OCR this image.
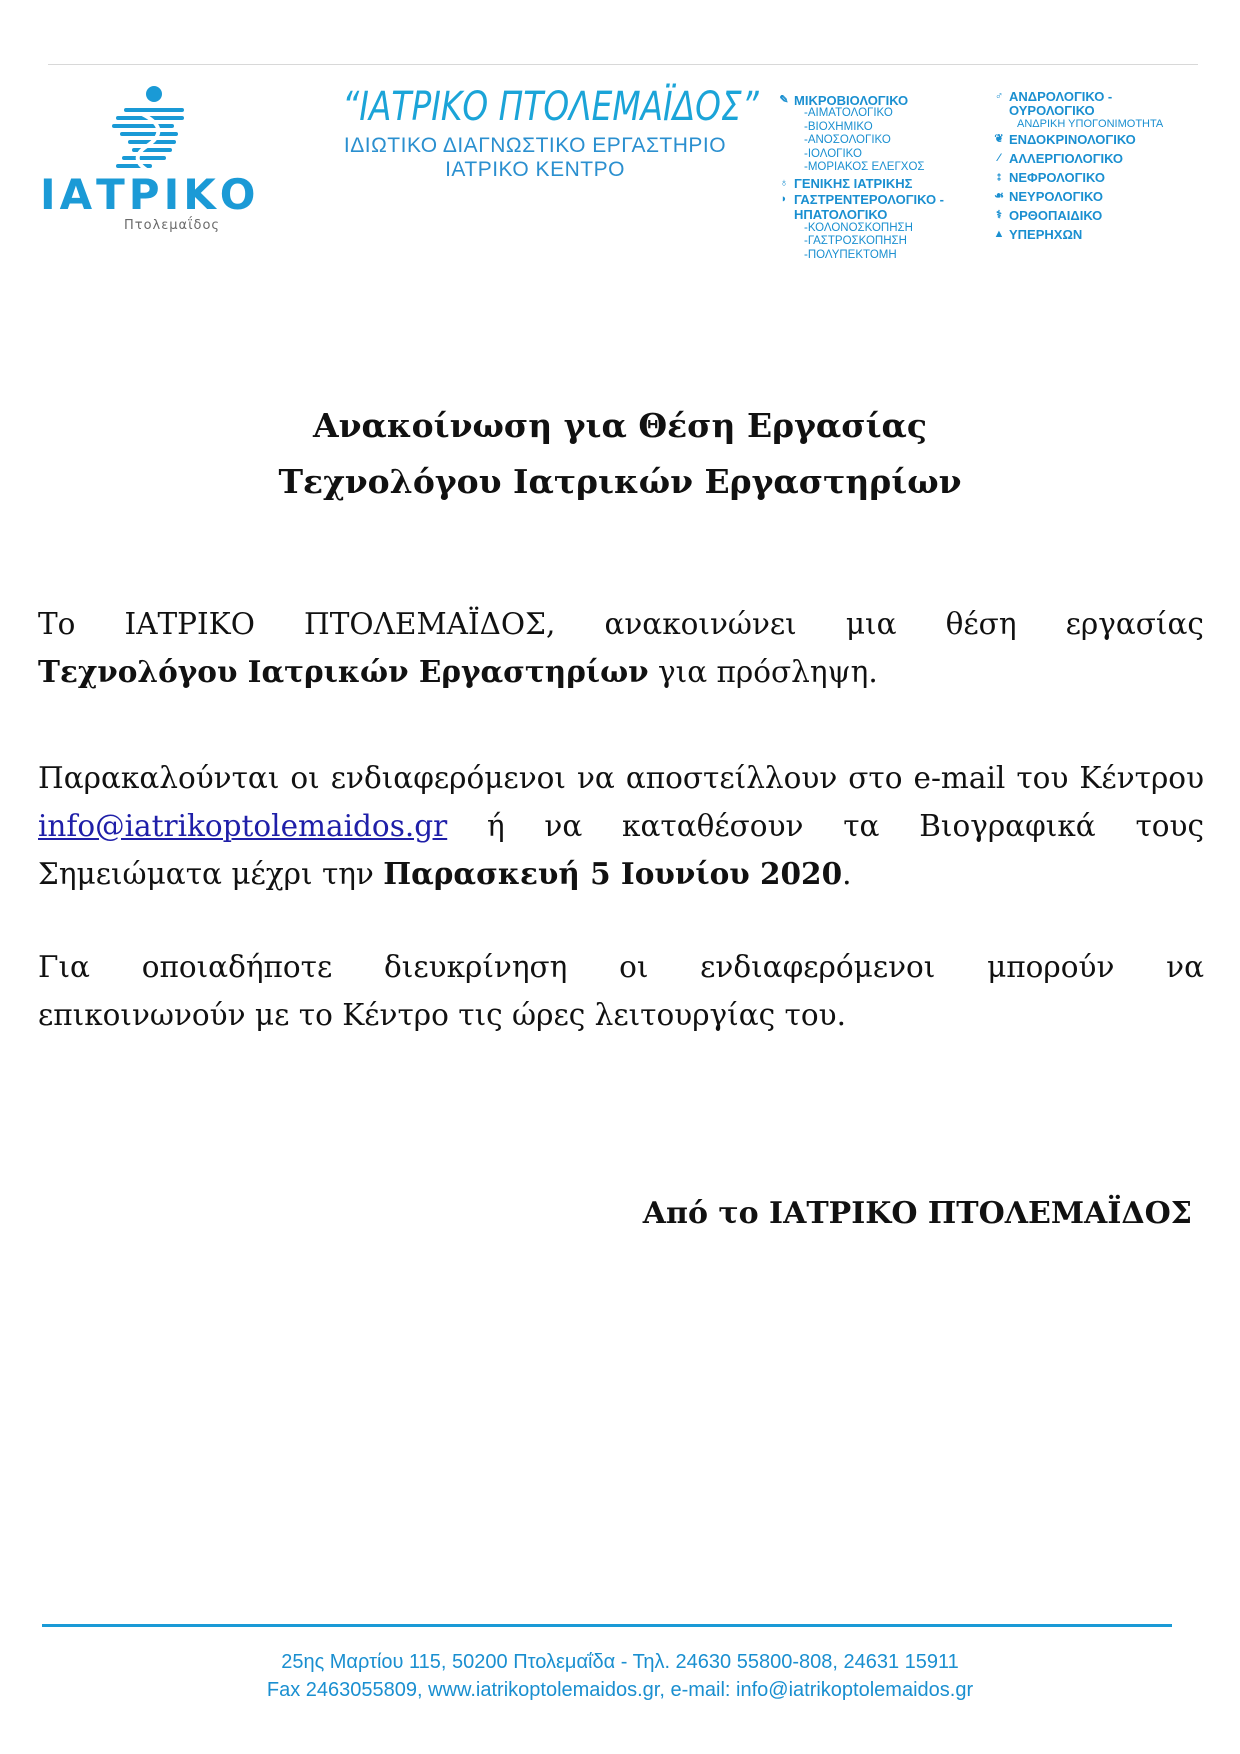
ΙΑΤΡΙΚΟ
Πτολεμαΐδος
“ΙΑΤΡΙΚΟ ΠΤΟΛΕΜΑΪΔΟΣ”
ΙΔΙΩΤΙΚΟ ΔΙΑΓΝΩΣΤΙΚΟ ΕΡΓΑΣΤΗΡΙΟ
ΙΑΤΡΙΚΟ ΚΕΝΤΡΟ
✎ ΜΙΚΡΟΒΙΟΛΟΓΙΚΟ
-ΑΙΜΑΤΟΛΟΓΙΚΟ
-ΒΙΟΧΗΜΙΚΟ
-ΑΝΟΣΟΛΟΓΙΚΟ
-ΙΟΛΟΓΙΚΟ
-ΜΟΡΙΑΚΟΣ ΕΛΕΓΧΟΣ
♁ ΓΕΝΙΚΗΣ ΙΑΤΡΙΚΗΣ
◗ ΓΑΣΤΡΕΝΤΕΡΟΛΟΓΙΚΟ -
ΗΠΑΤΟΛΟΓΙΚΟ
-ΚΟΛΟΝΟΣΚΟΠΗΣΗ
-ΓΑΣΤΡΟΣΚΟΠΗΣΗ
-ΠΟΛΥΠΕΚΤΟΜΗ
♂ ΑΝΔΡΟΛΟΓΙΚΟ -
ΟΥΡΟΛΟΓΙΚΟ
ΑΝΔΡΙΚΗ ΥΠΟΓΟΝΙΜΟΤΗΤΑ
❦ ΕΝΔΟΚΡΙΝΟΛΟΓΙΚΟ
⁄ ΑΛΛΕΡΓΙΟΛΟΓΙΚΟ
⦂ ΝΕΦΡΟΛΟΓΙΚΟ
☙ ΝΕΥΡΟΛΟΓΙΚΟ
⚕ ΟΡΘΟΠΑΙΔΙΚΟ
▲ ΥΠΕΡΗΧΩΝ
Ανακοίνωση για Θέση Εργασίας
Τεχνολόγου Ιατρικών Εργαστηρίων
Το ΙΑΤΡΙΚΟ ΠΤΟΛΕΜΑΪΔΟΣ, ανακοινώνει μια θέση εργασίας
Τεχνολόγου Ιατρικών Εργαστηρίων για πρόσληψη.
Παρακαλούνται οι ενδιαφερόμενοι να αποστείλλουν στο e-mail του Κέντρου info@iatrikoptolemaidos.gr ή να καταθέσουν τα Βιογραφικά τους Σημειώματα μέχρι την Παρασκευή 5 Ιουνίου 2020.
Για οποιαδήποτε διευκρίνηση οι ενδιαφερόμενοι μπορούν να
επικοινωνούν με το Κέντρο τις ώρες λειτουργίας του.
Από το ΙΑΤΡΙΚΟ ΠΤΟΛΕΜΑΪΔΟΣ
25ης Μαρτίου 115, 50200 Πτολεμαΐδα - Τηλ. 24630 55800-808, 24631 15911
Fax 2463055809, www.iatrikoptolemaidos.gr, e-mail: info@iatrikoptolemaidos.gr
